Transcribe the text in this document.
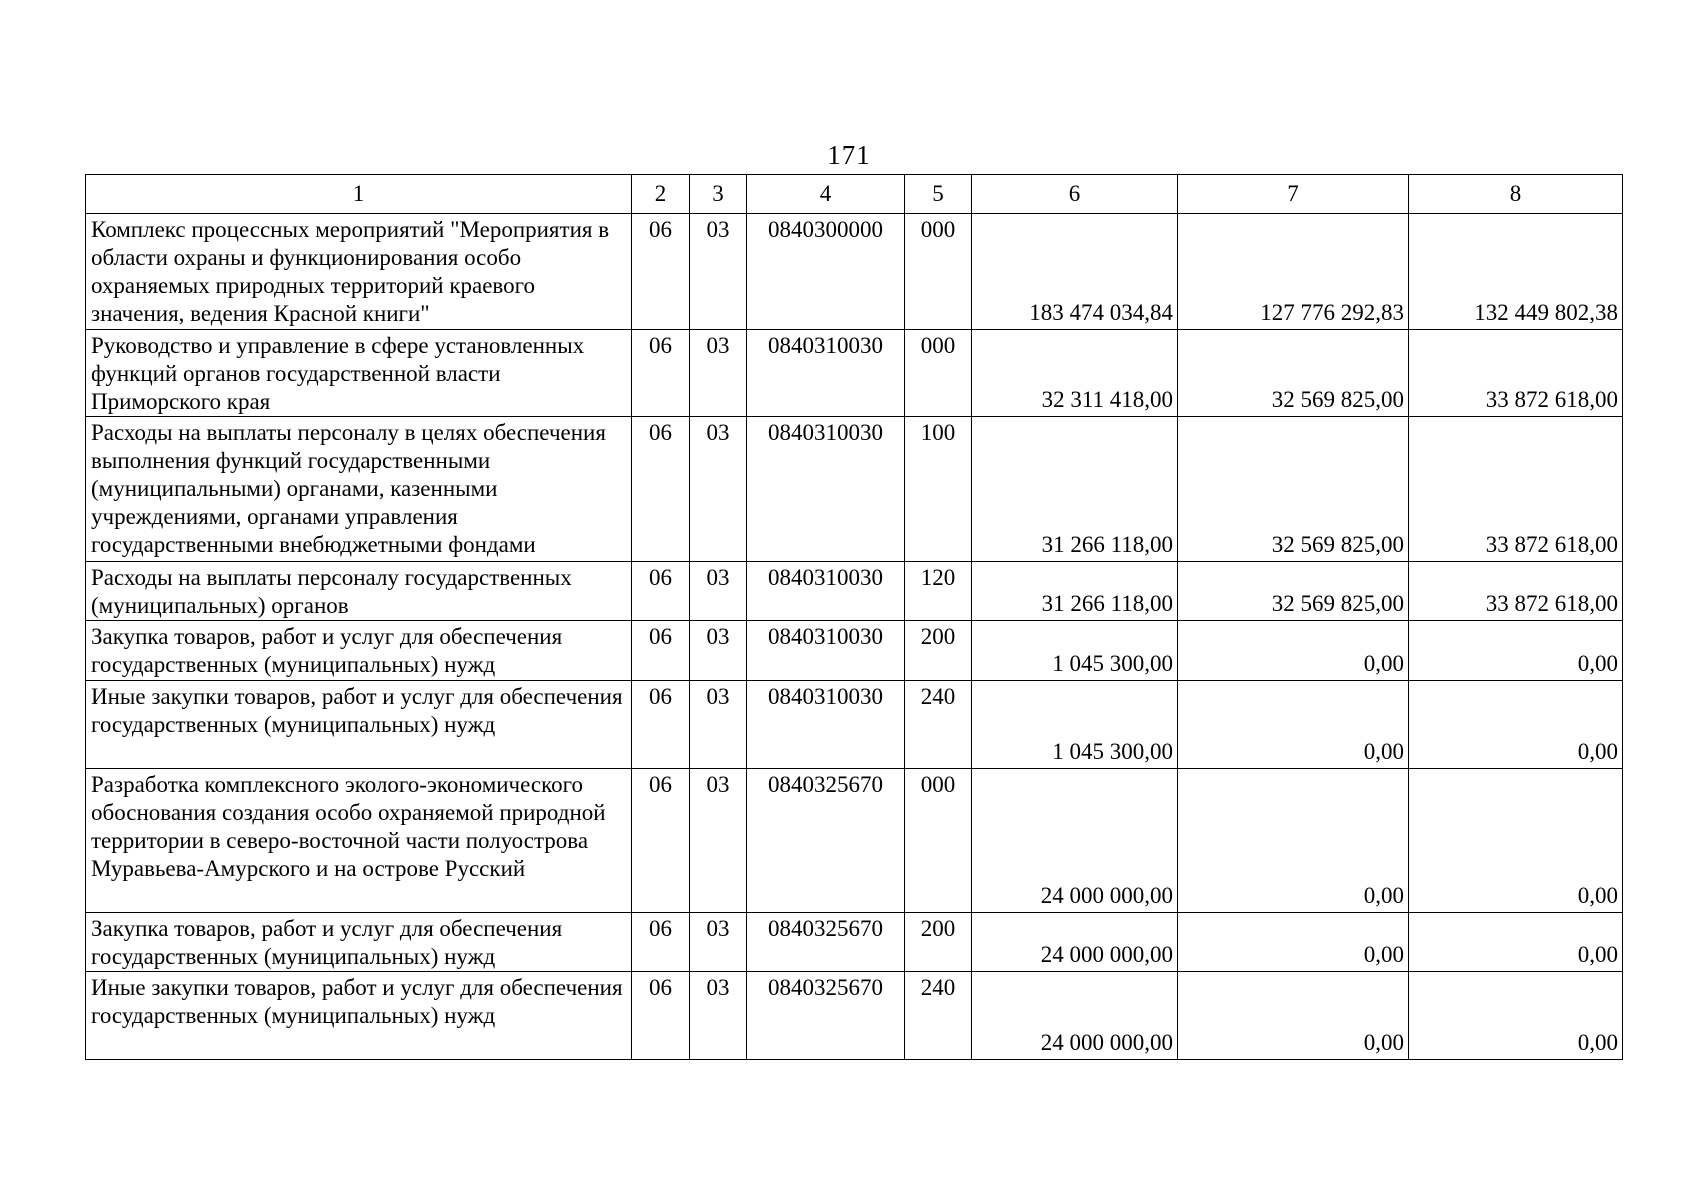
171
1	2	3	4	5	6	7	8
Комплекс процессных мероприятий "Мероприятия в области охраны и функционирования особо охраняемых природных территорий краевого значения, ведения Красной книги"	06	03	0840300000	000	183 474 034,84	127 776 292,83	132 449 802,38
Руководство и управление в сфере установленных функций органов государственной власти Приморского края	06	03	0840310030	000	32 311 418,00	32 569 825,00	33 872 618,00
Расходы на выплаты персоналу в целях обеспечения выполнения функций государственными (муниципальными) органами, казенными учреждениями, органами управления государственными внебюджетными фондами	06	03	0840310030	100	31 266 118,00	32 569 825,00	33 872 618,00
Расходы на выплаты персоналу государственных (муниципальных) органов	06	03	0840310030	120	31 266 118,00	32 569 825,00	33 872 618,00
Закупка товаров, работ и услуг для обеспечения государственных (муниципальных) нужд	06	03	0840310030	200	1 045 300,00	0,00	0,00
Иные закупки товаров, работ и услуг для обеспечения государственных (муниципальных) нужд	06	03	0840310030	240	1 045 300,00	0,00	0,00
Разработка комплексного эколого-экономического обоснования создания особо охраняемой природной территории в северо-восточной части полуострова Муравьева-Амурского и на острове Русский	06	03	0840325670	000	24 000 000,00	0,00	0,00
Закупка товаров, работ и услуг для обеспечения государственных (муниципальных) нужд	06	03	0840325670	200	24 000 000,00	0,00	0,00
Иные закупки товаров, работ и услуг для обеспечения государственных (муниципальных) нужд	06	03	0840325670	240	24 000 000,00	0,00	0,00
